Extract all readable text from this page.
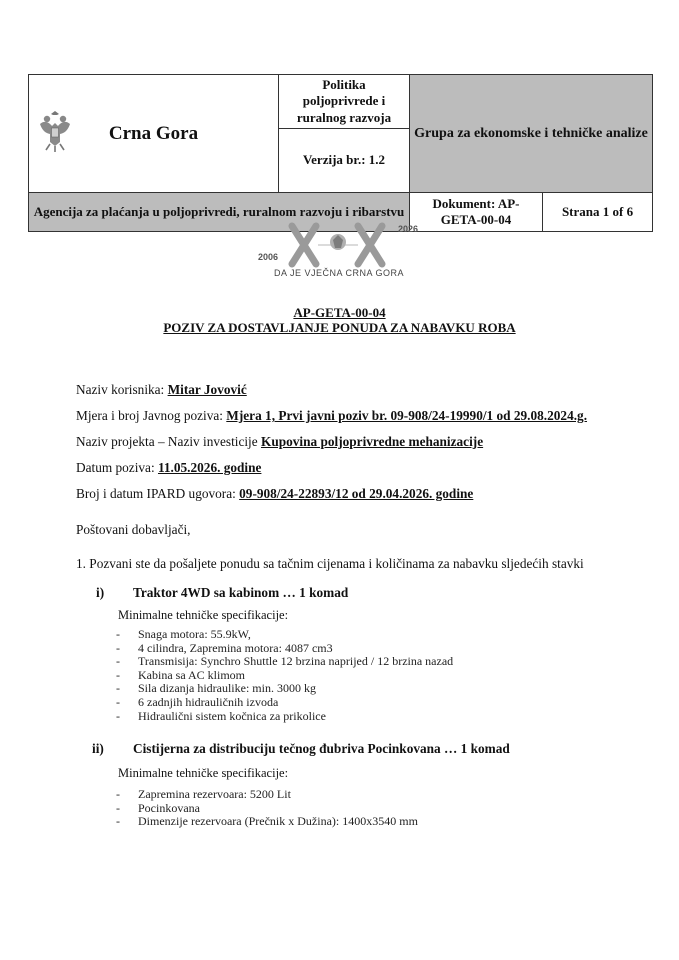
Crna Gora	Politika poljoprivrede i ruralnog razvoja	Grupa za ekonomske i tehničke analize	
	Verzija br.: 1.2		
Agencija za plaćanja u poljoprivredi, ruralnom razvoju i ribarstvu		Dokument: AP-GETA-00-04	Strana 1 of 6
2006
2026
DA JE VJEČNA CRNA GORA
AP-GETA-00-04
POZIV ZA DOSTAVLJANJE PONUDA ZA NABAVKU ROBA
Naziv korisnika: Mitar Jovović
Mjera i broj Javnog poziva: Mjera 1, Prvi javni poziv br. 09-908/24-19990/1 od 29.08.2024.g.
Naziv projekta – Naziv investicije Kupovina poljoprivredne mehanizacije
Datum poziva: 11.05.2026. godine
Broj i datum IPARD ugovora: 09-908/24-22893/12 od 29.04.2026. godine
Poštovani dobavljači,
1. Pozvani ste da pošaljete ponudu sa tačnim cijenama i količinama za nabavku sljedećih stavki
i) Traktor 4WD sa kabinom … 1 komad
Minimalne tehničke specifikacije:
- Snaga motora: 55.9kW,
- 4 cilindra, Zapremina motora: 4087 cm3
- Transmisija: Synchro Shuttle 12 brzina naprijed / 12 brzina nazad
- Kabina sa AC klimom
- Sila dizanja hidraulike: min. 3000 kg
- 6 zadnjih hidrauličnih izvoda
- Hidraulični sistem kočnica za prikolice
ii) Cistijerna za distribuciju tečnog đubriva Pocinkovana … 1 komad
Minimalne tehničke specifikacije:
- Zapremina rezervoara: 5200 Lit
- Pocinkovana
- Dimenzije rezervoara (Prečnik x Dužina): 1400x3540 mm
